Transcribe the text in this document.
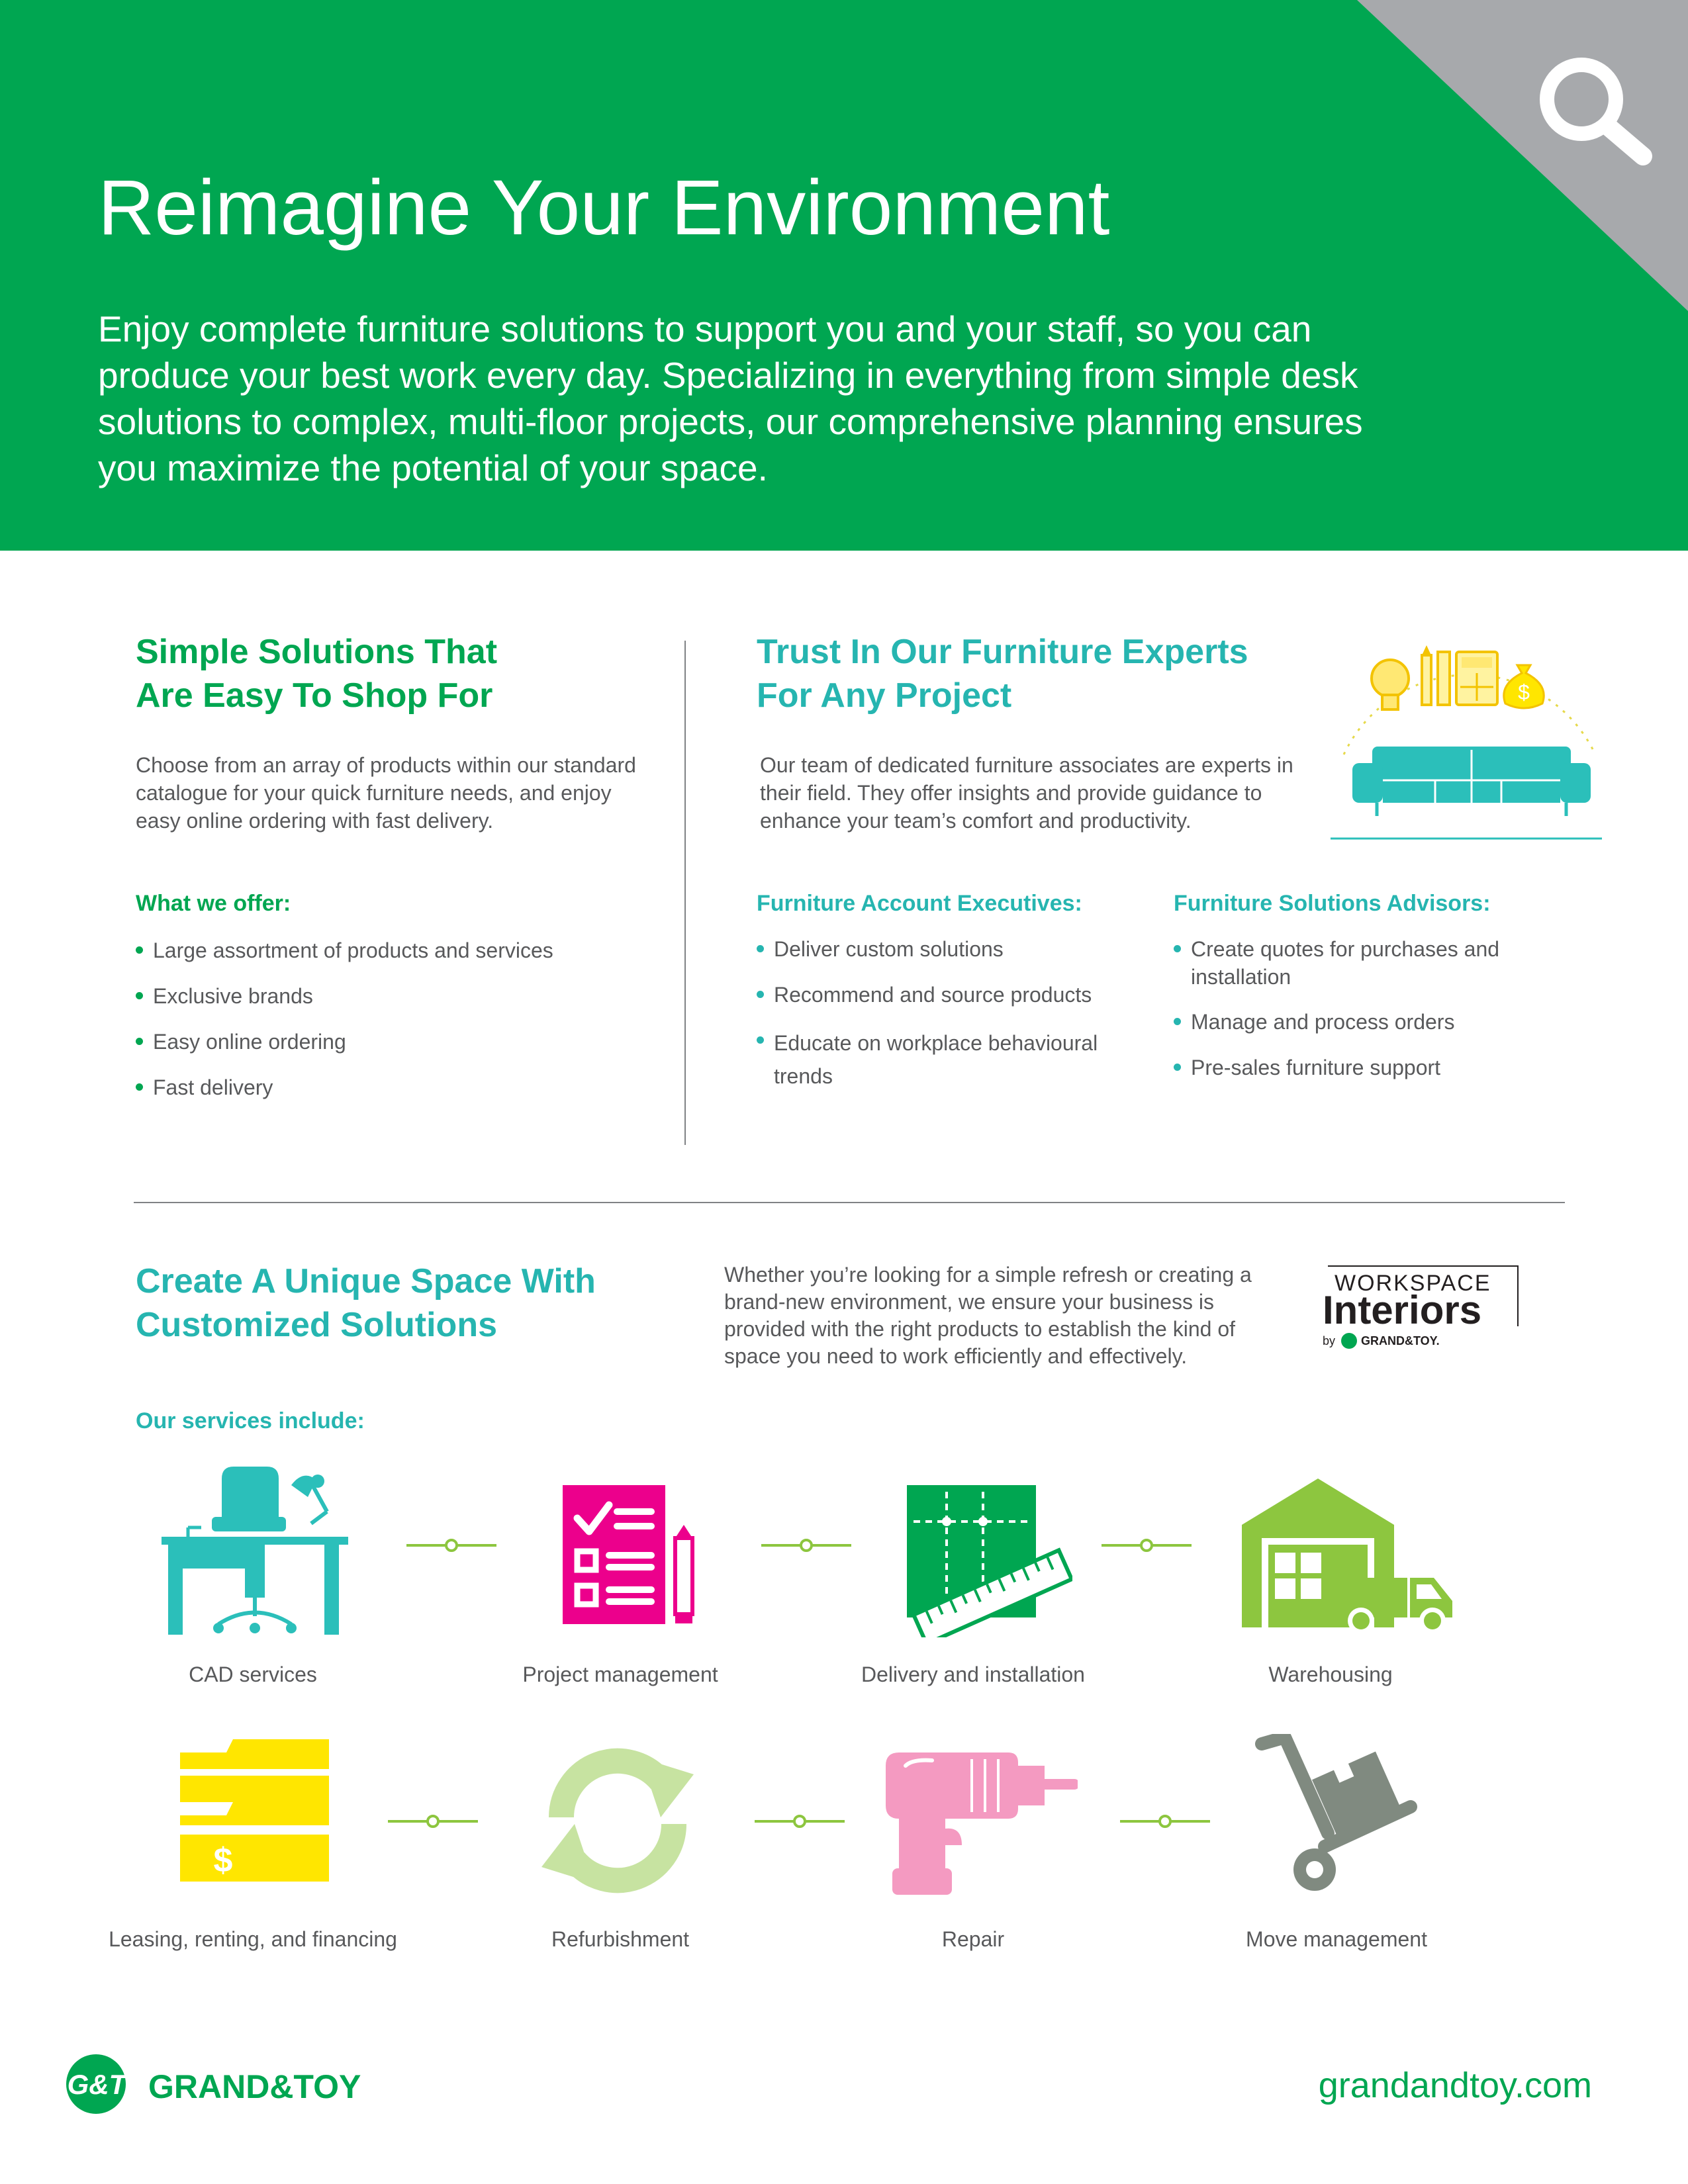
Reimagine Your Environment

Enjoy complete furniture solutions to support you and your staff, so you can produce your best work every day. Specializing in everything from simple desk solutions to complex, multi-floor projects, our comprehensive planning ensures you maximize the potential of your space.

Simple Solutions That
Are Easy To Shop For

Choose from an array of products within our standard catalogue for your quick furniture needs, and enjoy easy online ordering with fast delivery.

What we offer:
Large assortment of products and services
Exclusive brands
Easy online ordering
Fast delivery
Trust In Our Furniture Experts
For Any Project

Our team of dedicated furniture associates are experts in their field. They offer insights and provide guidance to enhance your team’s comfort and productivity.

$
Furniture Account Executives:
Deliver custom solutions
Recommend and source products
Educate on workplace behavioural trends
Furniture Solutions Advisors:
Create quotes for purchases and installation
Manage and process orders
Pre-sales furniture support
Create A Unique Space With
Customized Solutions

Whether you’re looking for a simple refresh or creating a brand-new environment, we ensure your business is provided with the right products to establish the kind of space you need to work efficiently and effectively.

WORKSPACE
Interiors
by GRAND&TOY.
Our services include:
CAD services	Project management	Delivery and installation	Warehousing
$
Leasing, renting, and financing	Refurbishment	Repair	Move management
G&T GRAND&TOY	grandandtoy.com
